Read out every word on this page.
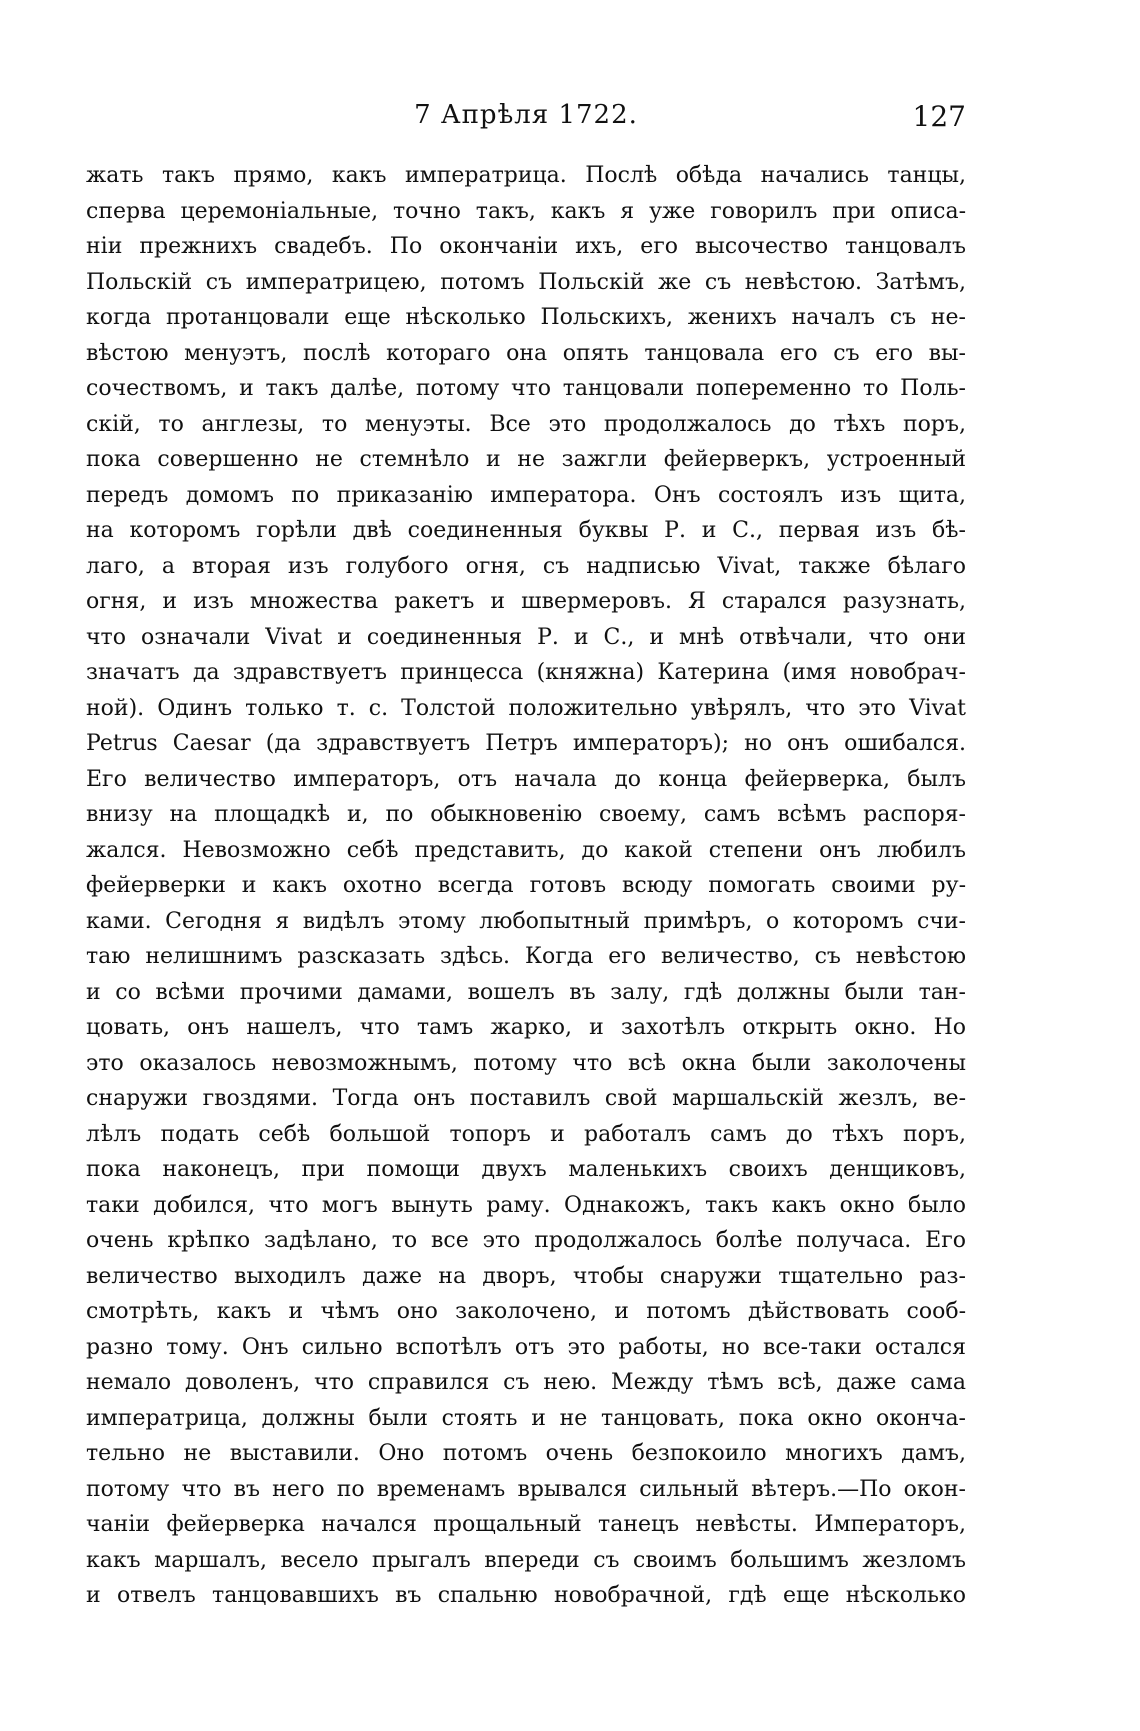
7 Апрѣля 1722.	127
жать такъ прямо, какъ императрица. Послѣ обѣда начались танцы,
сперва церемоніальные, точно такъ, какъ я уже говорилъ при описа-
ніи прежнихъ свадебъ. По окончаніи ихъ, его высочество танцовалъ
Польскій съ императрицею, потомъ Польскій же съ невѣстою. Затѣмъ,
когда протанцовали еще нѣсколько Польскихъ, женихъ началъ съ не-
вѣстою менуэтъ, послѣ котораго она опять танцовала его съ его вы-
сочествомъ, и такъ далѣе, потому что танцовали попеременно то Поль-
скій, то англезы, то менуэты. Все это продолжалось до тѣхъ поръ,
пока совершенно не стемнѣло и не зажгли фейерверкъ, устроенный
передъ домомъ по приказанію императора. Онъ состоялъ изъ щита,
на которомъ горѣли двѣ соединенныя буквы Р. и С., первая изъ бѣ-
лаго, а вторая изъ голубого огня, съ надписью Vivat, также бѣлаго
огня, и изъ множества ракетъ и швермеровъ. Я старался разузнать,
что означали Vivat и соединенныя Р. и С., и мнѣ отвѣчали, что они
значатъ да здравствуетъ принцесса (княжна) Катерина (имя новобрач-
ной). Одинъ только т. с. Толстой положительно увѣрялъ, что это Vivat
Petrus Caesar (да здравствуетъ Петръ императоръ); но онъ ошибался.
Его величество императоръ, отъ начала до конца фейерверка, былъ
внизу на площадкѣ и, по обыкновенію своему, самъ всѣмъ распоря-
жался. Невозможно себѣ представить, до какой степени онъ любилъ
фейерверки и какъ охотно всегда готовъ всюду помогать своими ру-
ками. Сегодня я видѣлъ этому любопытный примѣръ, о которомъ счи-
таю нелишнимъ разсказать здѣсь. Когда его величество, съ невѣстою
и со всѣми прочими дамами, вошелъ въ залу, гдѣ должны были тан-
цовать, онъ нашелъ, что тамъ жарко, и захотѣлъ открыть окно. Но
это оказалось невозможнымъ, потому что всѣ окна были заколочены
снаружи гвоздями. Тогда онъ поставилъ свой маршальскій жезлъ, ве-
лѣлъ подать себѣ большой топоръ и работалъ самъ до тѣхъ поръ,
пока наконецъ, при помощи двухъ маленькихъ своихъ денщиковъ,
таки добился, что могъ вынуть раму. Однакожъ, такъ какъ окно было
очень крѣпко задѣлано, то все это продолжалось болѣе получаса. Его
величество выходилъ даже на дворъ, чтобы снаружи тщательно раз-
смотрѣть, какъ и чѣмъ оно заколочено, и потомъ дѣйствовать сооб-
разно тому. Онъ сильно вспотѣлъ отъ это работы, но все-таки остался
немало доволенъ, что справился съ нею. Между тѣмъ всѣ, даже сама
императрица, должны были стоять и не танцовать, пока окно оконча-
тельно не выставили. Оно потомъ очень безпокоило многихъ дамъ,
потому что въ него по временамъ врывался сильный вѣтеръ.—По окон-
чаніи фейерверка начался прощальный танецъ невѣсты. Императоръ,
какъ маршалъ, весело прыгалъ впереди съ своимъ большимъ жезломъ
и отвелъ танцовавшихъ въ спальню новобрачной, гдѣ еще нѣсколько
